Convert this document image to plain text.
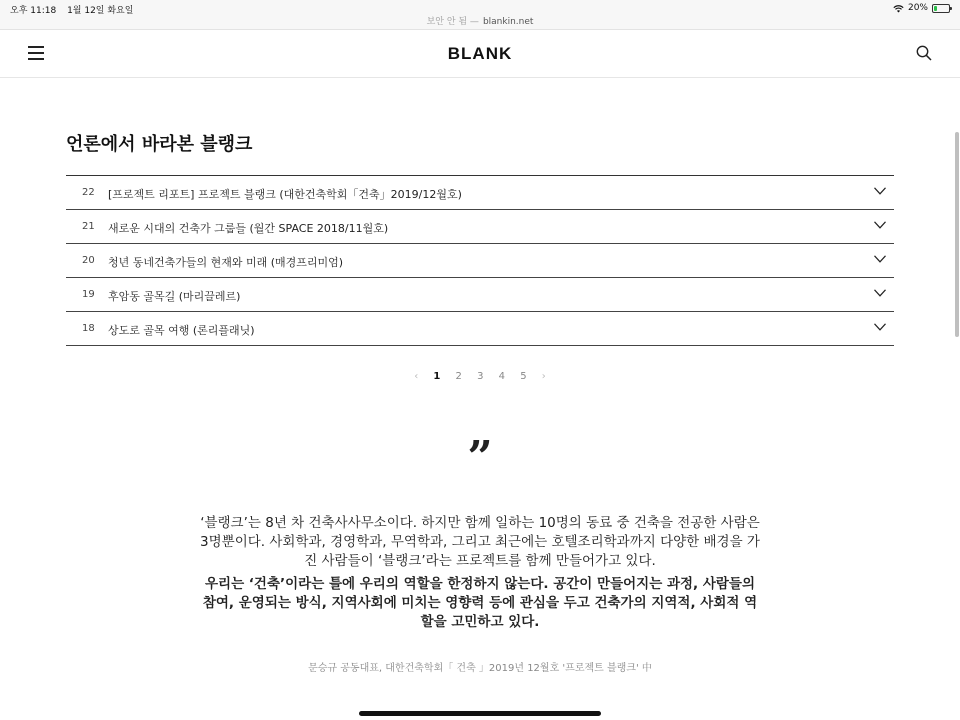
오후 11:18 1월 12일 화요일	20%
보안 안 됨 — blankin.net
BLANK
언론에서 바라본 블랭크
22 [프로젝트 리포트] 프로젝트 블랭크 (대한건축학회「건축」2019/12월호)
21 새로운 시대의 건축가 그룹들 (월간 SPACE 2018/11월호)
20 청년 동네건축가들의 현재와 미래 (매경프리미엄)
19 후암동 골목길 (마리끌레르)
18 상도로 골목 여행 (론리플래닛)
‹ 1 2 3 4 5 ›
”

‘블랭크’는 8년 차 건축사사무소이다. 하지만 함께 일하는 10명의 동료 중 건축을 전공한 사람은 3명뿐이다. 사회학과, 경영학과, 무역학과, 그리고 최근에는 호텔조리학과까지 다양한 배경을 가진 사람들이 ‘블랭크’라는 프로젝트를 함께 만들어가고 있다.

우리는 ‘건축’이라는 틀에 우리의 역할을 한정하지 않는다. 공간이 만들어지는 과정, 사람들의 참여, 운영되는 방식, 지역사회에 미치는 영향력 등에 관심을 두고 건축가의 지역적, 사회적 역할을 고민하고 있다.

문승규 공동대표, 대한건축학회「 건축 」2019년 12월호 '프로젝트 블랭크' 中
